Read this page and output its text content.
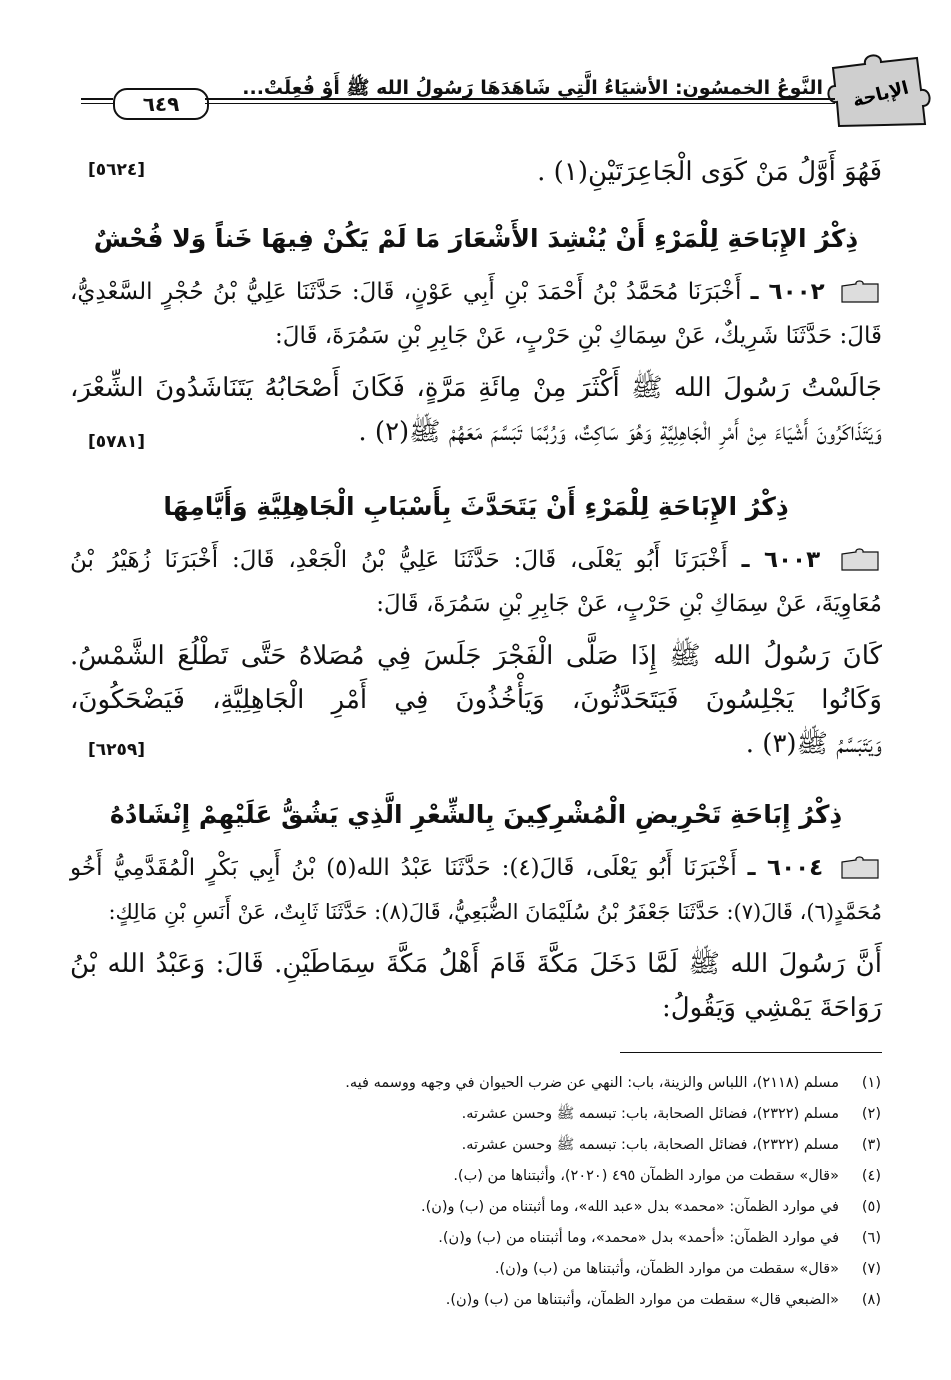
الإباحة
النَّوعُ الخمسُون: الأشيَاءُ الَّتِي شَاهَدَهَا رَسُولُ الله ﷺ أَوْ فُعِلَتْ...
٦٤٩
فَهُوَ أَوَّلُ مَنْ كَوَى الْجَاعِرَتَيْنِ(١) .
[٥٦٢٤]
ذِكْرُ الإِبَاحَةِ لِلْمَرْءِ أَنْ يُنْشِدَ الأَشْعَارَ مَا لَمْ يَكُنْ فِيهَا خَناً وَلا فُحْشٌ
٦٠٠٢ ـ أَخْبَرَنَا مُحَمَّدُ بْنُ أَحْمَدَ بْنِ أَبِي عَوْنٍ، قَالَ: حَدَّثَنَا عَلِيُّ بْنُ حُجْرٍ السَّعْدِيُّ،
قَالَ: حَدَّثَنَا شَرِيكٌ، عَنْ سِمَاكِ بْنِ حَرْبٍ، عَنْ جَابِرِ بْنِ سَمُرَةَ، قَالَ:
جَالَسْتُ رَسُولَ الله ﷺ أَكْثَرَ مِنْ مِائَةِ مَرَّةٍ، فَكَانَ أَصْحَابُهُ يَتَنَاشَدُونَ الشِّعْرَ،
وَيَتَذَاكَرُونَ أَشْيَاءَ مِنْ أَمْرِ الْجَاهِلِيَّةِ وَهُوَ سَاكِتٌ، وَرُبَّمَا تَبَسَّمَ مَعَهُمْ ﷺ(٢) .
[٥٧٨١]
ذِكْرُ الإِبَاحَةِ لِلْمَرْءِ أَنْ يَتَحَدَّثَ بِأَسْبَابِ الْجَاهِلِيَّةِ وَأَيَّامِهَا
٦٠٠٣ ـ أَخْبَرَنَا أَبُو يَعْلَى، قَالَ: حَدَّثَنَا عَلِيُّ بْنُ الْجَعْدِ، قَالَ: أَخْبَرَنَا زُهَيْرُ بْنُ
مُعَاوِيَةَ، عَنْ سِمَاكِ بْنِ حَرْبٍ، عَنْ جَابِرِ بْنِ سَمُرَةَ، قَالَ:
كَانَ رَسُولُ الله ﷺ إِذَا صَلَّى الْفَجْرَ جَلَسَ فِي مُصَلاهُ حَتَّى تَطْلُعَ الشَّمْسُ.
وَكَانُوا يَجْلِسُونَ فَيَتَحَدَّثُونَ، وَيَأْخُذُونَ فِي أَمْرِ الْجَاهِلِيَّةِ، فَيَضْحَكُونَ،
وَيَتَبَسَّمُ ﷺ(٣) .
[٦٢٥٩]
ذِكْرُ إِبَاحَةِ تَحْرِيضِ الْمُشْرِكِينَ بِالشِّعْرِ الَّذِي يَشُقُّ عَلَيْهِمْ إِنْشَادُهُ
٦٠٠٤ ـ أَخْبَرَنَا أَبُو يَعْلَى، قَالَ(٤): حَدَّثَنَا عَبْدُ الله(٥) بْنُ أَبِي بَكْرٍ الْمُقَدَّمِيُّ أَخُو
مُحَمَّدٍ(٦)، قَالَ(٧): حَدَّثَنَا جَعْفَرُ بْنُ سُلَيْمَانَ الضُّبَعِيُّ، قَالَ(٨): حَدَّثَنَا ثَابِتٌ، عَنْ أَنَسِ بْنِ مَالِكٍ:
أَنَّ رَسُولَ الله ﷺ لَمَّا دَخَلَ مَكَّةَ قَامَ أَهْلُ مَكَّةَ سِمَاطَيْنِ. قَالَ: وَعَبْدُ الله بْنُ
رَوَاحَةَ يَمْشِي وَيَقُولُ:
(١)
مسلم (٢١١٨)، اللباس والزينة، باب: النهي عن ضرب الحيوان في وجهه ووسمه فيه.
(٢)
مسلم (٢٣٢٢)، فضائل الصحابة، باب: تبسمه ﷺ وحسن عشرته.
(٣)
مسلم (٢٣٢٢)، فضائل الصحابة، باب: تبسمه ﷺ وحسن عشرته.
(٤)
«قال» سقطت من موارد الظمآن ٤٩٥ (٢٠٢٠)، وأثبتناها من (ب).
(٥)
في موارد الظمآن: «محمد» بدل «عبد الله»، وما أثبتناه من (ب) و(ن).
(٦)
في موارد الظمآن: «أحمد» بدل «محمد»، وما أثبتناه من (ب) و(ن).
(٧)
«قال» سقطت من موارد الظمآن، وأثبتناها من (ب) و(ن).
(٨)
«الضبعي قال» سقطت من موارد الظمآن، وأثبتناها من (ب) و(ن).
